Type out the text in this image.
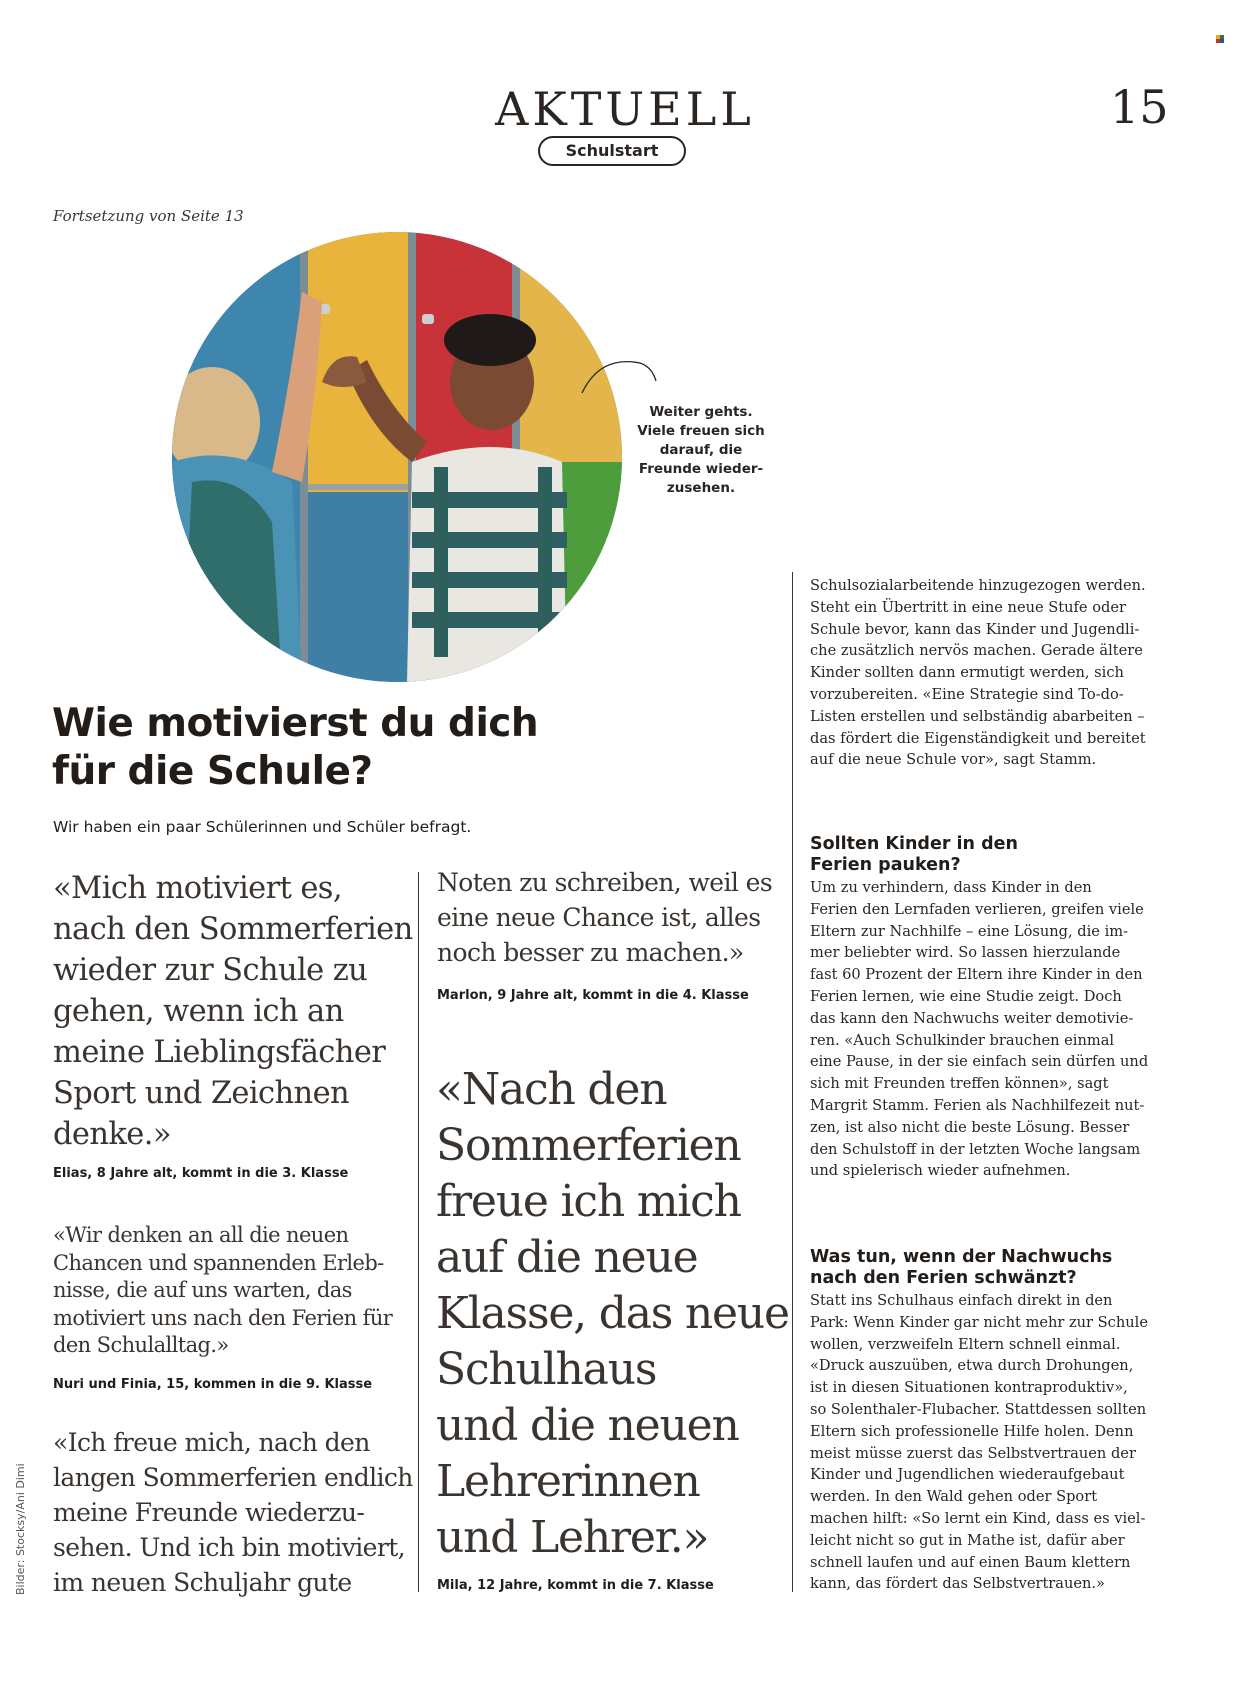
AKTUELL
Schulstart
15
Fortsetzung von Seite 13
Weiter gehts.
Viele freuen sich
darauf, die
Freunde wieder-
zusehen.
Wie motivierst du dich
für die Schule?
Wir haben ein paar Schülerinnen und Schüler befragt.
«Mich motiviert es,
nach den Sommerferien
wieder zur Schule zu
gehen, wenn ich an
meine Lieblingsfächer
Sport und Zeichnen
denke.»
Elias, 8 Jahre alt, kommt in die 3. Klasse
«Wir denken an all die neuen
Chancen und spannenden Erleb-
nisse, die auf uns warten, das
motiviert uns nach den Ferien für
den Schulalltag.»
Nuri und Finia, 15, kommen in die 9. Klasse
«Ich freue mich, nach den
langen Sommerferien endlich
meine Freunde wiederzu-
sehen. Und ich bin motiviert,
im neuen Schuljahr gute
Noten zu schreiben, weil es
eine neue Chance ist, alles
noch besser zu machen.»
Marlon, 9 Jahre alt, kommt in die 4. Klasse
«Nach den
Sommerferien
freue ich mich
auf die neue
Klasse, das neue
Schulhaus
und die neuen
Lehrerinnen
und Lehrer.»
Mila, 12 Jahre, kommt in die 7. Klasse
Schulsozialarbeitende hinzugezogen werden.
Steht ein Übertritt in eine neue Stufe oder
Schule bevor, kann das Kinder und Jugendli-
che zusätzlich nervös machen. Gerade ältere
Kinder sollten dann ermutigt werden, sich
vorzubereiten. «Eine Strategie sind To-do-
Listen erstellen und selbständig abarbeiten –
das fördert die Eigenständigkeit und bereitet
auf die neue Schule vor», sagt Stamm.
Sollten Kinder in den
Ferien pauken?
Um zu verhindern, dass Kinder in den
Ferien den Lernfaden verlieren, greifen viele
Eltern zur Nachhilfe – eine Lösung, die im-
mer beliebter wird. So lassen hierzulande
fast 60 Prozent der Eltern ihre Kinder in den
Ferien lernen, wie eine Studie zeigt. Doch
das kann den Nachwuchs weiter demotivie-
ren. «Auch Schulkinder brauchen einmal
eine Pause, in der sie einfach sein dürfen und
sich mit Freunden treffen können», sagt
Margrit Stamm. Ferien als Nachhilfezeit nut-
zen, ist also nicht die beste Lösung. Besser
den Schulstoff in der letzten Woche langsam
und spielerisch wieder aufnehmen.
Was tun, wenn der Nachwuchs
nach den Ferien schwänzt?
Statt ins Schulhaus einfach direkt in den
Park: Wenn Kinder gar nicht mehr zur Schule
wollen, verzweifeln Eltern schnell einmal.
«Druck auszuüben, etwa durch Drohungen,
ist in diesen Situationen kontraproduktiv»,
so Solenthaler-Flubacher. Stattdessen sollten
Eltern sich professionelle Hilfe holen. Denn
meist müsse zuerst das Selbstvertrauen der
Kinder und Jugendlichen wiederaufgebaut
werden. In den Wald gehen oder Sport
machen hilft: «So lernt ein Kind, dass es viel-
leicht nicht so gut in Mathe ist, dafür aber
schnell laufen und auf einen Baum klettern
kann, das fördert das Selbstvertrauen.»
Bilder: Stocksy/Ani Dimi
